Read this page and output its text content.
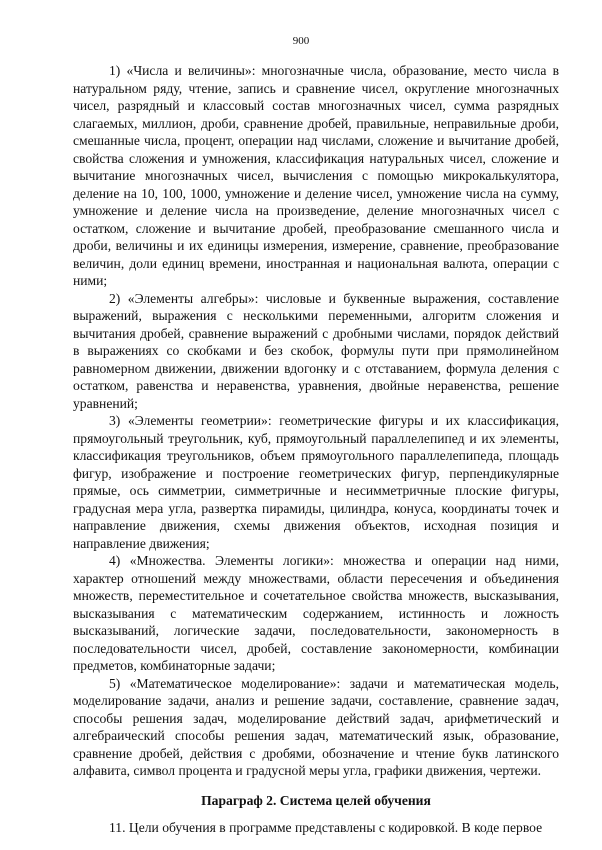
900

1) «Числа и величины»: многозначные числа, образование, место числа в натуральном ряду, чтение, запись и сравнение чисел, округление многозначных чисел, разрядный и классовый состав многозначных чисел, сумма разрядных слагаемых, миллион, дроби, сравнение дробей, правильные, неправильные дроби, смешанные числа, процент, операции над числами, сложение и вычитание дробей, свойства сложения и умножения, классификация натуральных чисел, сложение и вычитание многозначных чисел, вычисления с помощью микрокалькулятора, деление на 10, 100, 1000, умножение и деление чисел, умножение числа на сумму, умножение и деление числа на произведение, деление многозначных чисел с остатком, сложение и вычитание дробей, преобразование смешанного числа и дроби, величины и их единицы измерения, измерение, сравнение, преобразование величин, доли единиц времени, иностранная и национальная валюта, операции с ними;

2) «Элементы алгебры»: числовые и буквенные выражения, составление выражений, выражения с несколькими переменными, алгоритм сложения и вычитания дробей, сравнение выражений с дробными числами, порядок действий в выражениях со скобками и без скобок, формулы пути при прямолинейном равномерном движении, движении вдогонку и с отставанием, формула деления с остатком, равенства и неравенства, уравнения, двойные неравенства, решение уравнений;

3) «Элементы геометрии»: геометрические фигуры и их классификация, прямоугольный треугольник, куб, прямоугольный параллелепипед и их элементы, классификация треугольников, объем прямоугольного параллелепипеда, площадь фигур, изображение и построение геометрических фигур, перпендикулярные прямые, ось симметрии, симметричные и несимметричные плоские фигуры, градусная мера угла, развертка пирамиды, цилиндра, конуса, координаты точек и направление движения, схемы движения объектов, исходная позиция и направление движения;

4) «Множества. Элементы логики»: множества и операции над ними, характер отношений между множествами, области пересечения и объединения множеств, переместительное и сочетательное свойства множеств, высказывания, высказывания с математическим содержанием, истинность и ложность высказываний, логические задачи, последовательности, закономерность в последовательности чисел, дробей, составление закономерности, комбинации предметов, комбинаторные задачи;

5) «Математическое моделирование»: задачи и математическая модель, моделирование задачи, анализ и решение задачи, составление, сравнение задач, способы решения задач, моделирование действий задач, арифметический и алгебраический способы решения задач, математический язык, образование, сравнение дробей, действия с дробями, обозначение и чтение букв латинского алфавита, символ процента и градусной меры угла, графики движения, чертежи.

Параграф 2. Система целей обучения

11. Цели обучения в программе представлены с кодировкой. В коде первое
